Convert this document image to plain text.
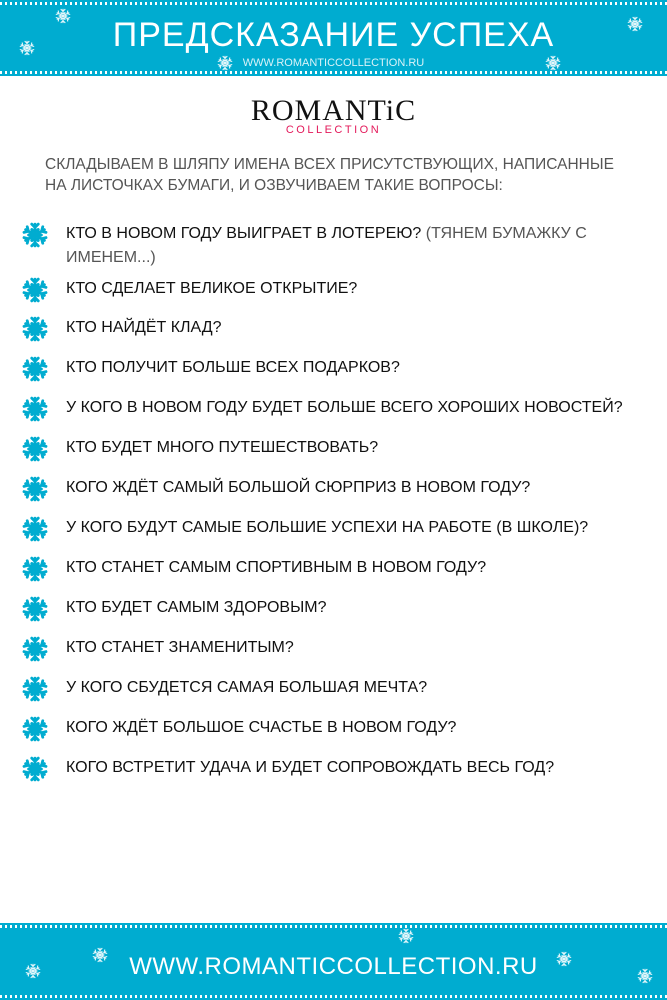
ПРЕДСКАЗАНИЕ УСПЕХА
WWW.ROMANTICCOLLECTION.RU
ROMANTiC
COLLECTION
СКЛАДЫВАЕМ В ШЛЯПУ ИМЕНА ВСЕХ ПРИСУТСТВУЮЩИХ, НАПИСАННЫЕ НА ЛИСТОЧКАХ БУМАГИ, И ОЗВУЧИВАЕМ ТАКИЕ ВОПРОСЫ:
КТО В НОВОМ ГОДУ ВЫИГРАЕТ В ЛОТЕРЕЮ? (ТЯНЕМ БУМАЖКУ С ИМЕНЕМ...)
КТО СДЕЛАЕТ ВЕЛИКОЕ ОТКРЫТИЕ?
КТО НАЙДЁТ КЛАД?
КТО ПОЛУЧИТ БОЛЬШЕ ВСЕХ ПОДАРКОВ?
У КОГО В НОВОМ ГОДУ БУДЕТ БОЛЬШЕ ВСЕГО ХОРОШИХ НОВОСТЕЙ?
КТО БУДЕТ МНОГО ПУТЕШЕСТВОВАТЬ?
КОГО ЖДЁТ САМЫЙ БОЛЬШОЙ СЮРПРИЗ В НОВОМ ГОДУ?
У КОГО БУДУТ САМЫЕ БОЛЬШИЕ УСПЕХИ НА РАБОТЕ (В ШКОЛЕ)?
КТО СТАНЕТ САМЫМ СПОРТИВНЫМ В НОВОМ ГОДУ?
КТО БУДЕТ САМЫМ ЗДОРОВЫМ?
КТО СТАНЕТ ЗНАМЕНИТЫМ?
У КОГО СБУДЕТСЯ САМАЯ БОЛЬШАЯ МЕЧТА?
КОГО ЖДЁТ БОЛЬШОЕ СЧАСТЬЕ В НОВОМ ГОДУ?
КОГО ВСТРЕТИТ УДАЧА И БУДЕТ СОПРОВОЖДАТЬ ВЕСЬ ГОД?
WWW.ROMANTICCOLLECTION.RU
